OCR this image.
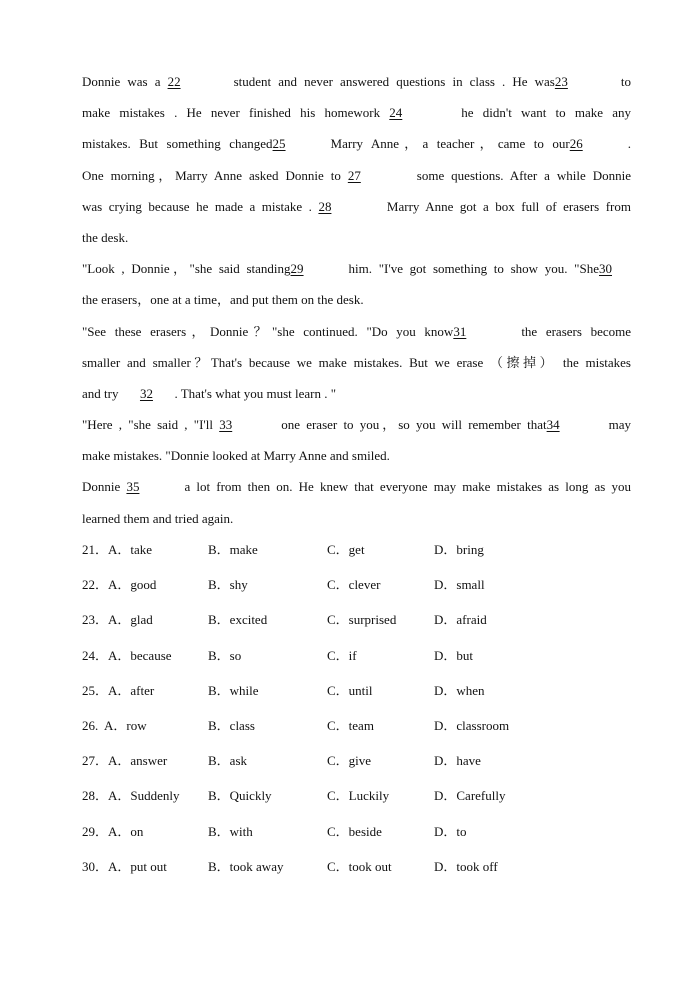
Donnie was a 22	student and never answered questions in class . He was23	to
make mistakes . He never finished his homework 24	he didn't want to make any
mistakes. But something changed25	Marry Anne，a teacher，came to our26	.
One morning，Marry Anne asked Donnie to 27	some questions. After a while Donnie
was crying because he made a mistake . 28	Marry Anne got a box full of erasers from
the desk.
"Look , Donnie，"she said standing29	him. "I've got something to show you. "She30
the erasers，one at a time，and put them on the desk.
"See these erasers，Donnie？"she continued. "Do you know31	the erasers become
smaller and smaller？That's because we make mistakes. But we erase （擦掉） the mistakes
and try 32 . That's what you must learn . "
"Here , "she said , "I'll 33	one eraser to you，so you will remember that34	may
make mistakes. "Donnie looked at Marry Anne and smiled.
Donnie 35	a lot from then on. He knew that everyone may make mistakes as long as you
learned them and tried again.
21． A．take	B．make	C．get	D．bring
22． A．good	B．shy	C．clever	D．small
23． A．glad	B．excited	C．surprised	D．afraid
24． A．because	B．so	C．if	D．but
25． A．after	B．while	C．until	D．when
26. A．row	B．class	C．team	D．classroom
27． A．answer	B．ask	C．give	D．have
28． A．Suddenly B．Quickly	C．Luckily	D．Carefully
29． A．on	B．with	C．beside	D．to
30． A．put out	B．took away	C．took out	D．took off
